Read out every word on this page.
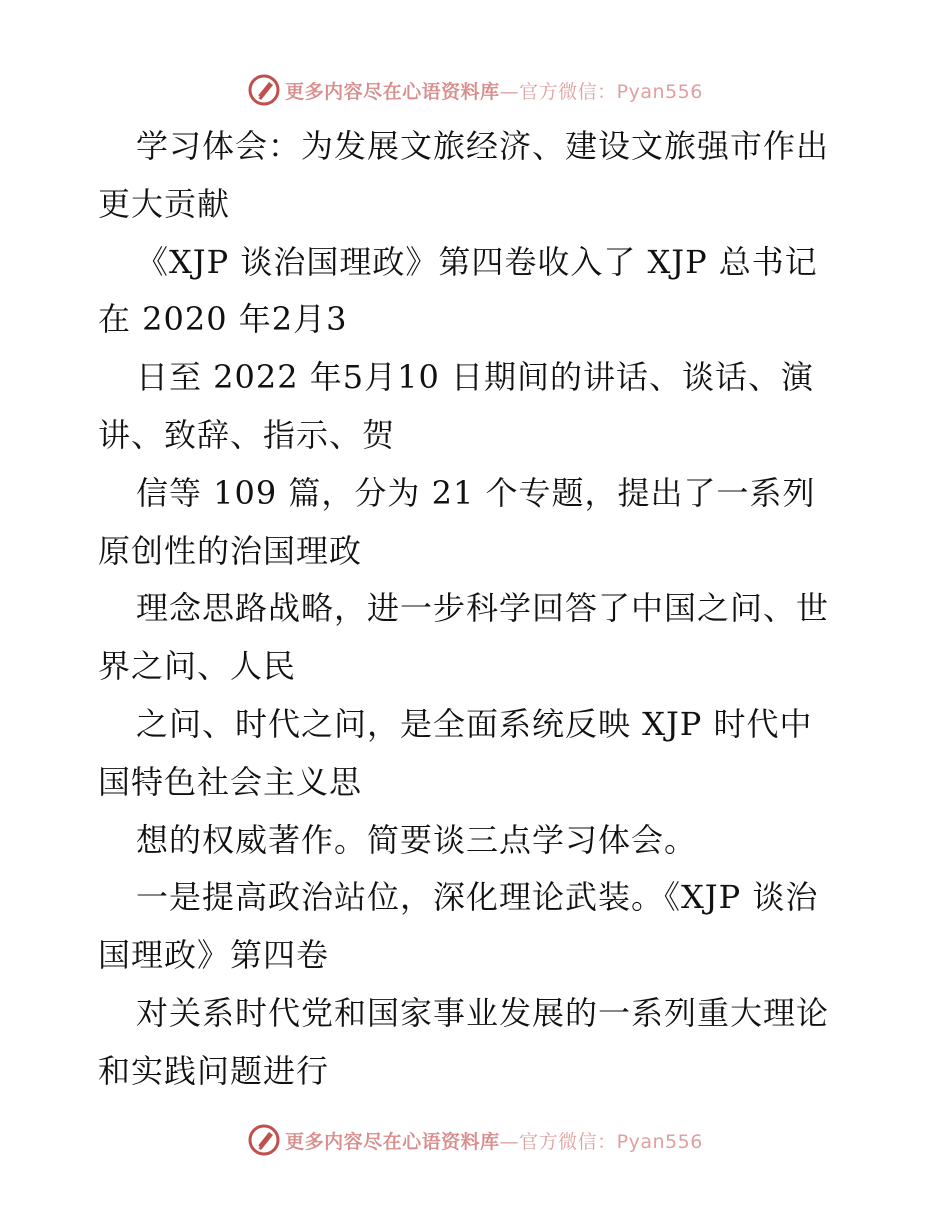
更多内容尽在心语资料库—官方微信：Pyan556
学习体会：为发展文旅经济、建设文旅强市作出
更大贡献
《XJP 谈治国理政》第四卷收入了 XJP 总书记
在 2020 年2月3
日至 2022 年5月10 日期间的讲话、谈话、演
讲、致辞、指示、贺
信等 109 篇，分为 21 个专题，提出了一系列
原创性的治国理政
理念思路战略，进一步科学回答了中国之问、世
界之问、人民
之问、时代之问，是全面系统反映 XJP 时代中
国特色社会主义思
想的权威著作。简要谈三点学习体会。
一是提高政治站位，深化理论武装。《XJP 谈治
国理政》第四卷
对关系时代党和国家事业发展的一系列重大理论
和实践问题进行
更多内容尽在心语资料库—官方微信：Pyan556
